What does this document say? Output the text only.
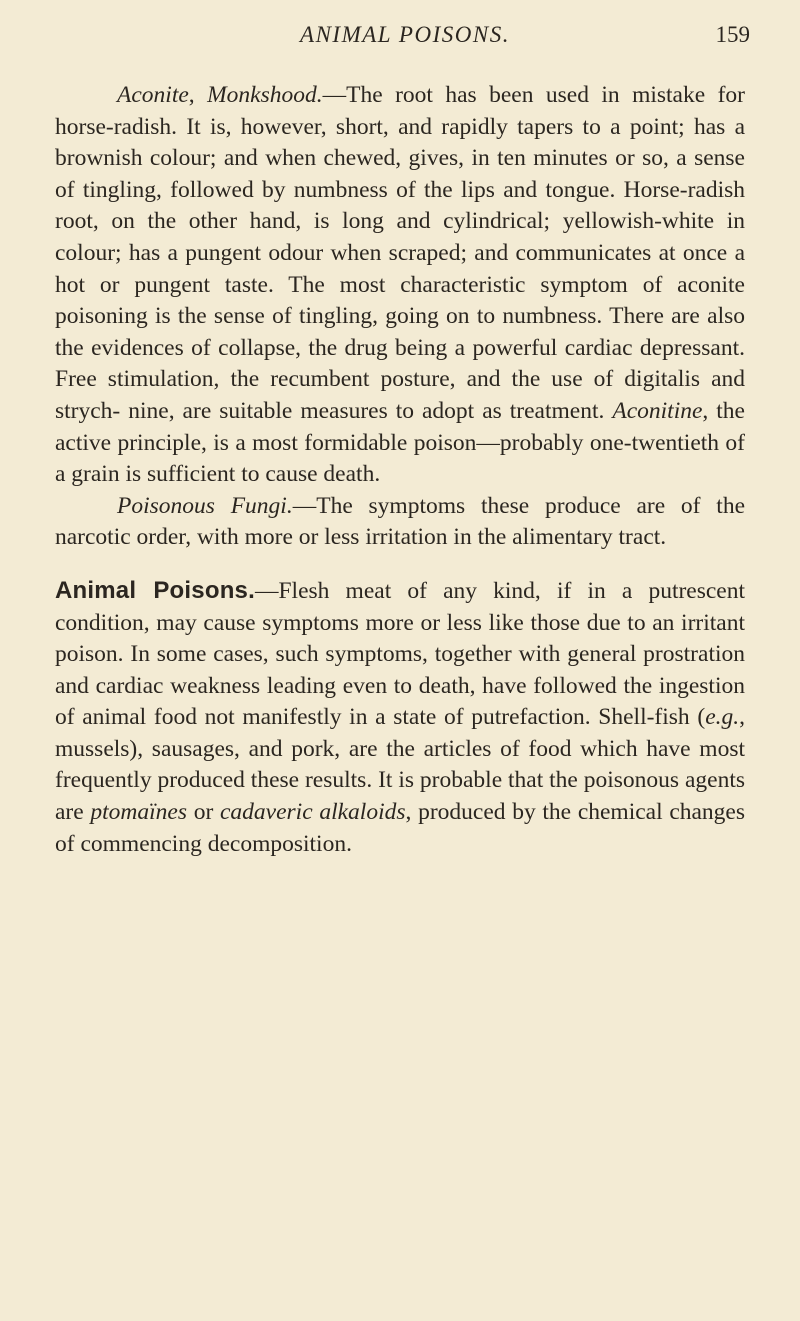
ANIMAL POISONS.	159

Aconite, Monkshood.—The root has been used in mistake for horse-radish. It is, however, short, and rapidly tapers to a point; has a brownish colour; and when chewed, gives, in ten minutes or so, a sense of tingling, followed by numbness of the lips and tongue. Horse-radish root, on the other hand, is long and cylindrical; yellowish-white in colour; has a pungent odour when scraped; and communicates at once a hot or pungent taste. The most characteristic symptom of aconite poisoning is the sense of tingling, going on to numbness. There are also the evidences of collapse, the drug being a powerful cardiac depressant. Free stimulation, the recumbent posture, and the use of digitalis and strych- nine, are suitable measures to adopt as treatment. Aconitine, the active principle, is a most formidable poison—probably one-twentieth of a grain is sufficient to cause death.

Poisonous Fungi.—The symptoms these produce are of the narcotic order, with more or less irritation in the alimentary tract.

Animal Poisons.—Flesh meat of any kind, if in a putrescent condition, may cause symptoms more or less like those due to an irritant poison. In some cases, such symptoms, together with general prostration and cardiac weakness leading even to death, have followed the ingestion of animal food not manifestly in a state of putrefaction. Shell-fish (e.g., mussels), sausages, and pork, are the articles of food which have most frequently produced these results. It is probable that the poisonous agents are ptomaïnes or cadaveric alkaloids, produced by the chemical changes of commencing decomposition.
